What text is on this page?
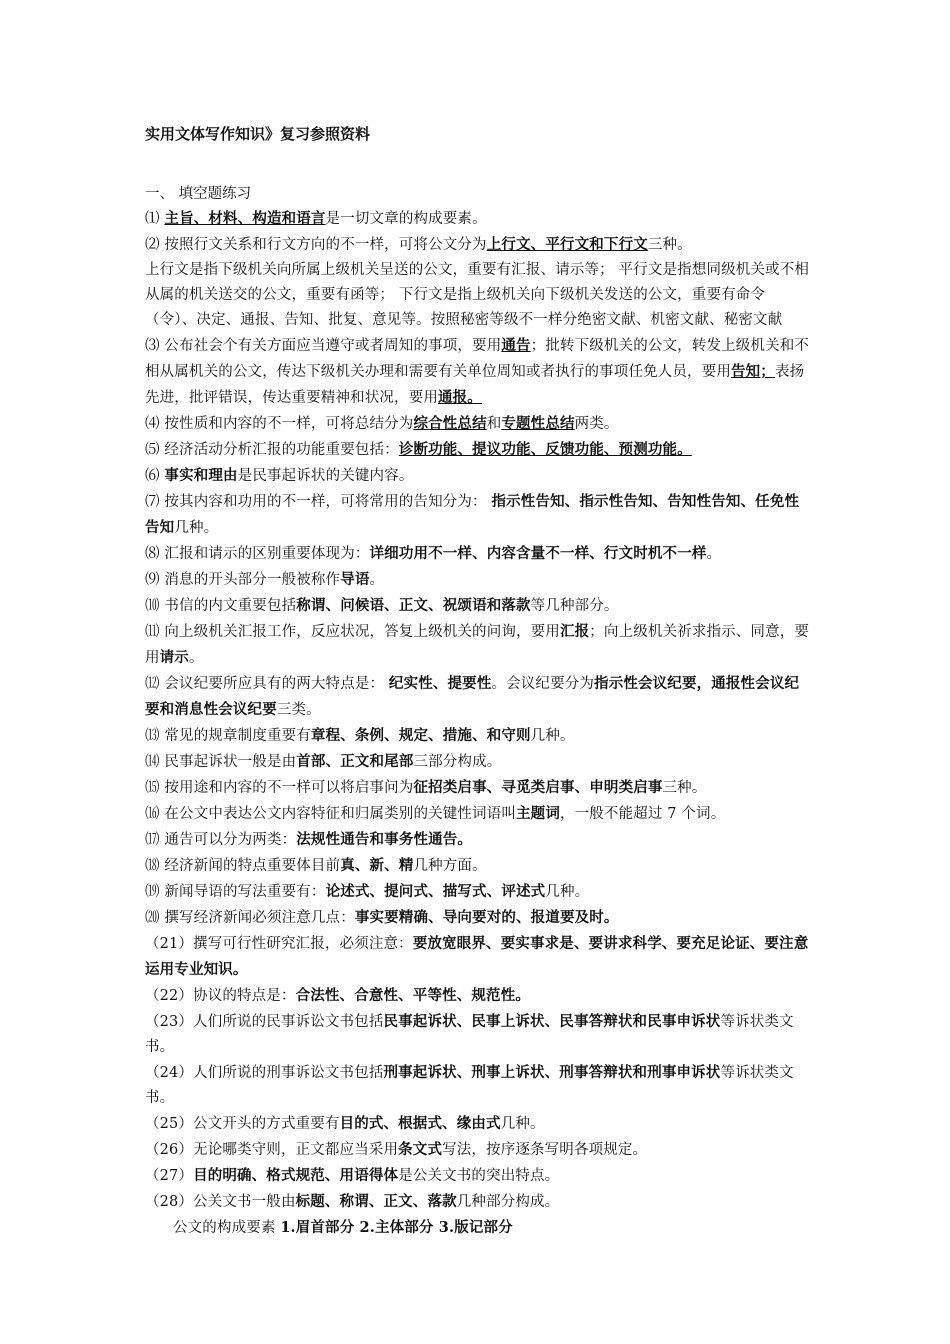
实用文体写作知识》复习参照资料
一、 填空题练习

⑴ 主旨、材料、构造和语言是一切文章的构成要素。

⑵ 按照行文关系和行文方向的不一样，可将公文分为上行文、平行文和下行文三种。

上行文是指下级机关向所属上级机关呈送的公文，重要有汇报、请示等； 平行文是指想同级机关或不相从属的机关送交的公文，重要有函等； 下行文是指上级机关向下级机关发送的公文，重要有命令（令）、决定、通报、告知、批复、意见等。按照秘密等级不一样分绝密文献、机密文献、秘密文献

⑶ 公布社会个有关方面应当遵守或者周知的事项，要用通告；批转下级机关的公文，转发上级机关和不相从属机关的公文，传达下级机关办理和需要有关单位周知或者执行的事项任免人员，要用告知；表扬先进，批评错误，传达重要精神和状况，要用通报。

⑷ 按性质和内容的不一样，可将总结分为综合性总结和专题性总结两类。

⑸ 经济活动分析汇报的功能重要包括：诊断功能、提议功能、反馈功能、预测功能。

⑹ 事实和理由是民事起诉状的关键内容。

⑺ 按其内容和功用的不一样，可将常用的告知分为： 指示性告知、指示性告知、告知性告知、任免性告知几种。

⑻ 汇报和请示的区别重要体现为：详细功用不一样、内容含量不一样、行文时机不一样。

⑼ 消息的开头部分一般被称作导语。

⑽ 书信的内文重要包括称谓、问候语、正文、祝颂语和落款等几种部分。

⑾ 向上级机关汇报工作，反应状况，答复上级机关的问询，要用汇报；向上级机关祈求指示、同意，要用请示。

⑿ 会议纪要所应具有的两大特点是： 纪实性、提要性。会议纪要分为指示性会议纪要，通报性会议纪要和消息性会议纪要三类。

⒀ 常见的规章制度重要有章程、条例、规定、措施、和守则几种。

⒁ 民事起诉状一般是由首部、正文和尾部三部分构成。

⒂ 按用途和内容的不一样可以将启事问为征招类启事、寻觅类启事、申明类启事三种。

⒃ 在公文中表达公文内容特征和归属类别的关键性词语叫主题词，一般不能超过 7 个词。

⒄ 通告可以分为两类：法规性通告和事务性通告。

⒅ 经济新闻的特点重要体目前真、新、精几种方面。

⒆ 新闻导语的写法重要有：论述式、提问式、描写式、评述式几种。

⒇ 撰写经济新闻必须注意几点：事实要精确、导向要对的、报道要及时。

（21）撰写可行性研究汇报，必须注意：要放宽眼界、要实事求是、要讲求科学、要充足论证、要注意运用专业知识。

（22）协议的特点是：合法性、合意性、平等性、规范性。

（23）人们所说的民事诉讼文书包括民事起诉状、民事上诉状、民事答辩状和民事申诉状等诉状类文书。

（24）人们所说的刑事诉讼文书包括刑事起诉状、刑事上诉状、刑事答辩状和刑事申诉状等诉状类文书。

（25）公文开头的方式重要有目的式、根据式、缘由式几种。

（26）无论哪类守则，正文都应当采用条文式写法，按序逐条写明各项规定。

（27）目的明确、格式规范、用语得体是公关文书的突出特点。

（28）公关文书一般由标题、称谓、正文、落款几种部分构成。

公文的构成要素 1.眉首部分 2.主体部分 3.版记部分
